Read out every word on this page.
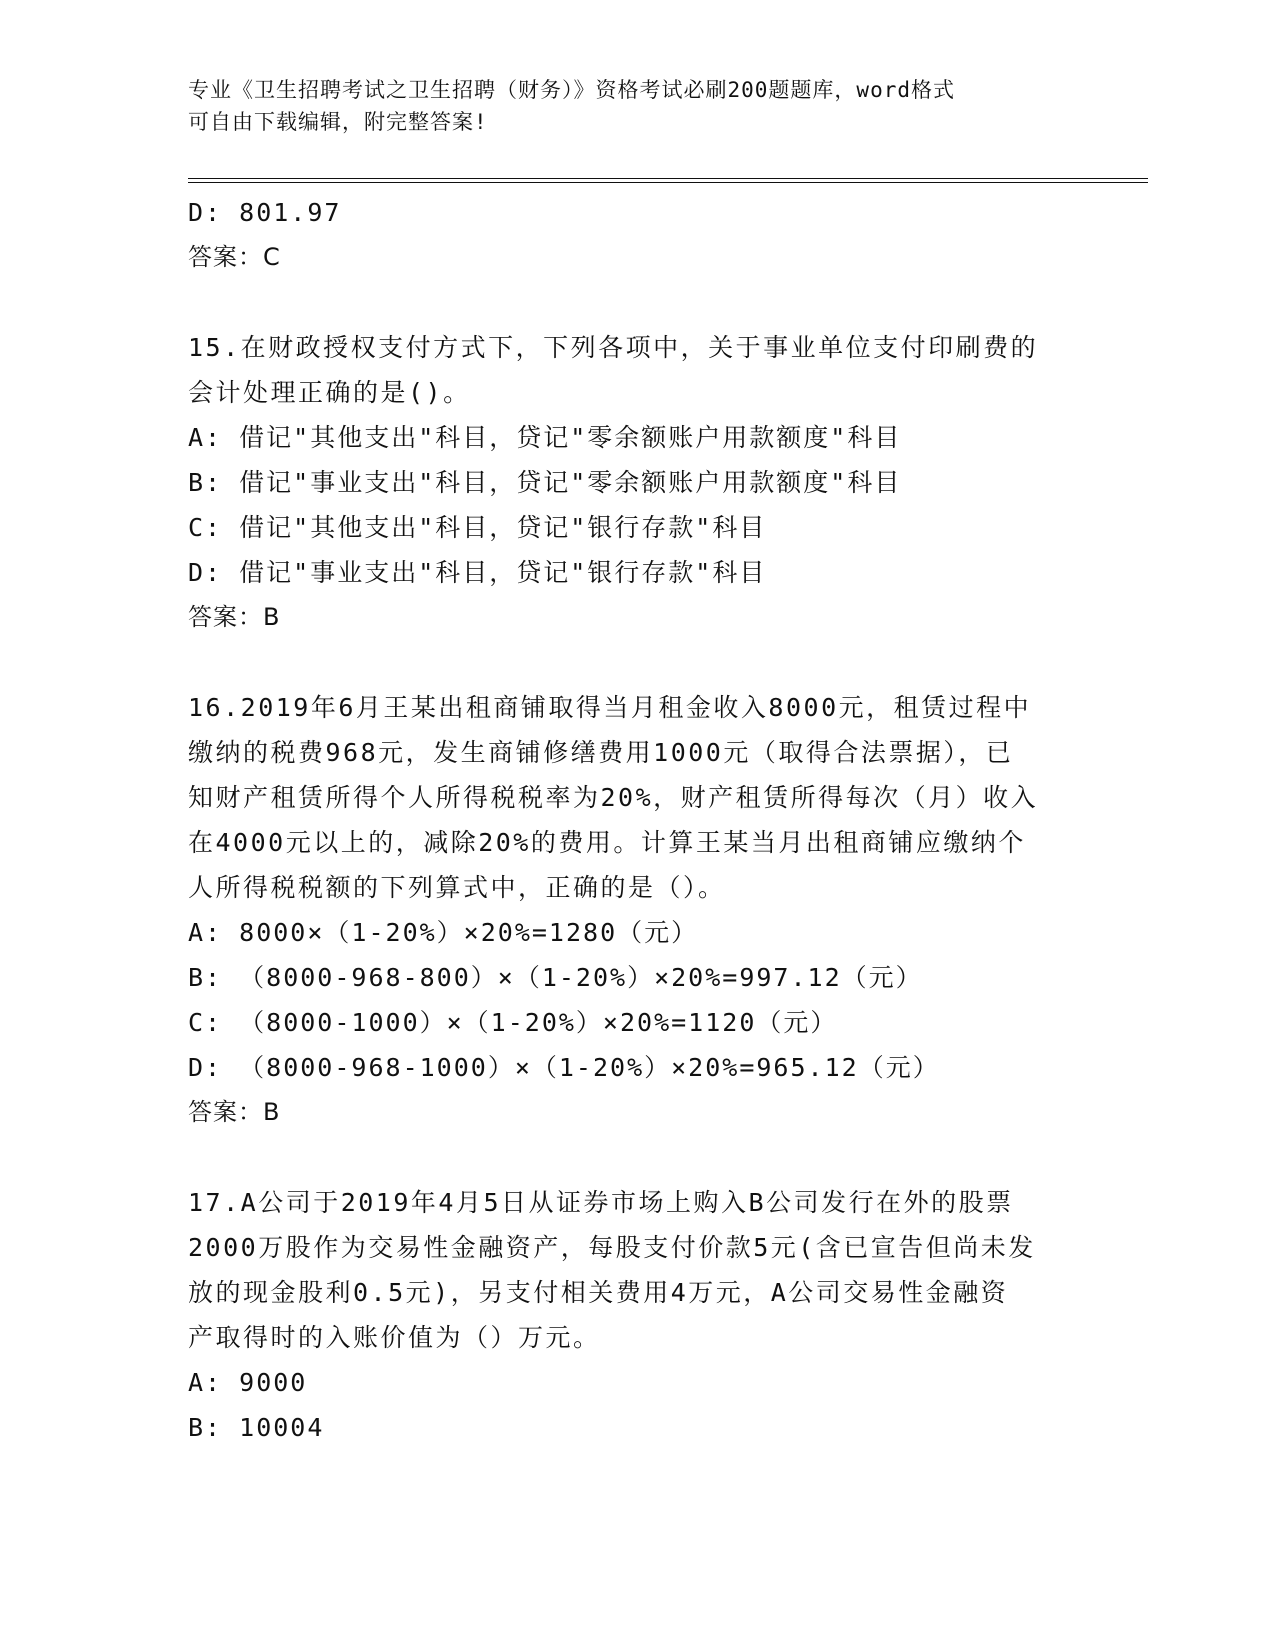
专业《卫生招聘考试之卫生招聘（财务）》资格考试必刷200题题库，word格式
可自由下载编辑，附完整答案!
D: 801.97
答案：C
15.在财政授权支付方式下，下列各项中，关于事业单位支付印刷费的
会计处理正确的是()。
A: 借记"其他支出"科目，贷记"零余额账户用款额度"科目
B: 借记"事业支出"科目，贷记"零余额账户用款额度"科目
C: 借记"其他支出"科目，贷记"银行存款"科目
D: 借记"事业支出"科目，贷记"银行存款"科目
答案：B
16.2019年6月王某出租商铺取得当月租金收入8000元，租赁过程中
缴纳的税费968元，发生商铺修缮费用1000元（取得合法票据），已
知财产租赁所得个人所得税税率为20%，财产租赁所得每次（月）收入
在4000元以上的，减除20%的费用。计算王某当月出租商铺应缴纳个
人所得税税额的下列算式中，正确的是（）。
A: 8000×（1-20%）×20%=1280（元）
B: （8000-968-800）×（1-20%）×20%=997.12（元）
C: （8000-1000）×（1-20%）×20%=1120（元）
D: （8000-968-1000）×（1-20%）×20%=965.12（元）
答案：B
17.A公司于2019年4月5日从证券市场上购入B公司发行在外的股票
2000万股作为交易性金融资产，每股支付价款5元(含已宣告但尚未发
放的现金股利0.5元)，另支付相关费用4万元，A公司交易性金融资
产取得时的入账价值为（）万元。
A: 9000
B: 10004
